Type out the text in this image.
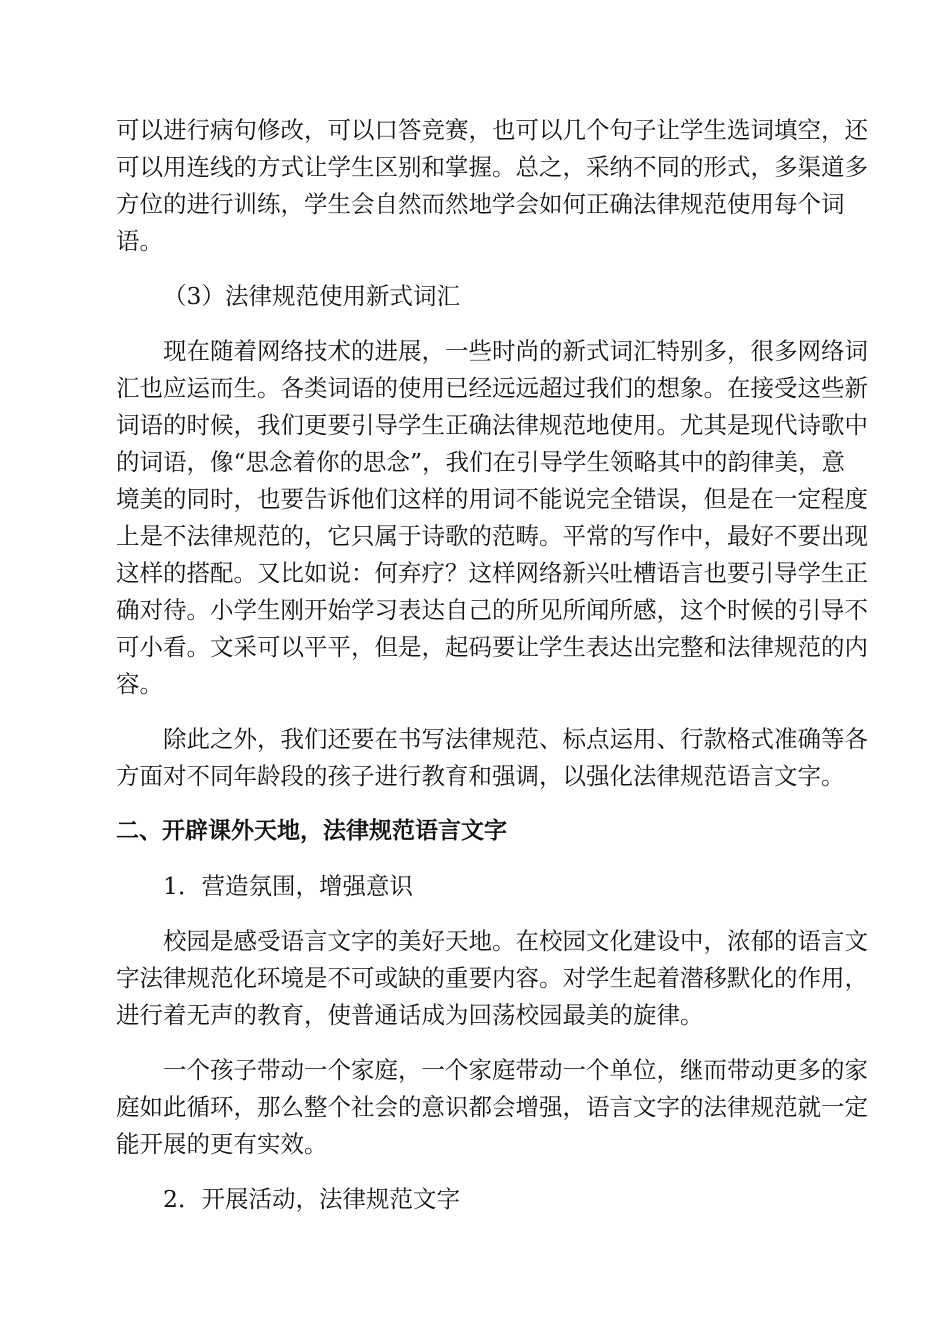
可以进行病句修改，可以口答竞赛，也可以几个句子让学生选词填空，还
可以用连线的方式让学生区别和掌握。总之，采纳不同的形式，多渠道多
方位的进行训练，学生会自然而然地学会如何正确法律规范使用每个词
语。

（3）法律规范使用新式词汇

现在随着网络技术的进展，一些时尚的新式词汇特别多，很多网络词
汇也应运而生。各类词语的使用已经远远超过我们的想象。在接受这些新
词语的时候，我们更要引导学生正确法律规范地使用。尤其是现代诗歌中
的词语，像“思念着你的思念”，我们在引导学生领略其中的韵律美，意
境美的同时，也要告诉他们这样的用词不能说完全错误，但是在一定程度
上是不法律规范的，它只属于诗歌的范畴。平常的写作中，最好不要出现
这样的搭配。又比如说：何弃疗？这样网络新兴吐槽语言也要引导学生正
确对待。小学生刚开始学习表达自己的所见所闻所感，这个时候的引导不
可小看。文采可以平平，但是，起码要让学生表达出完整和法律规范的内
容。

除此之外，我们还要在书写法律规范、标点运用、行款格式准确等各
方面对不同年龄段的孩子进行教育和强调，以强化法律规范语言文字。

二、开辟课外天地，法律规范语言文字
1．营造氛围，增强意识

校园是感受语言文字的美好天地。在校园文化建设中，浓郁的语言文
字法律规范化环境是不可或缺的重要内容。对学生起着潜移默化的作用，
进行着无声的教育，使普通话成为回荡校园最美的旋律。

一个孩子带动一个家庭，一个家庭带动一个单位，继而带动更多的家
庭如此循环，那么整个社会的意识都会增强，语言文字的法律规范就一定
能开展的更有实效。

2．开展活动，法律规范文字
